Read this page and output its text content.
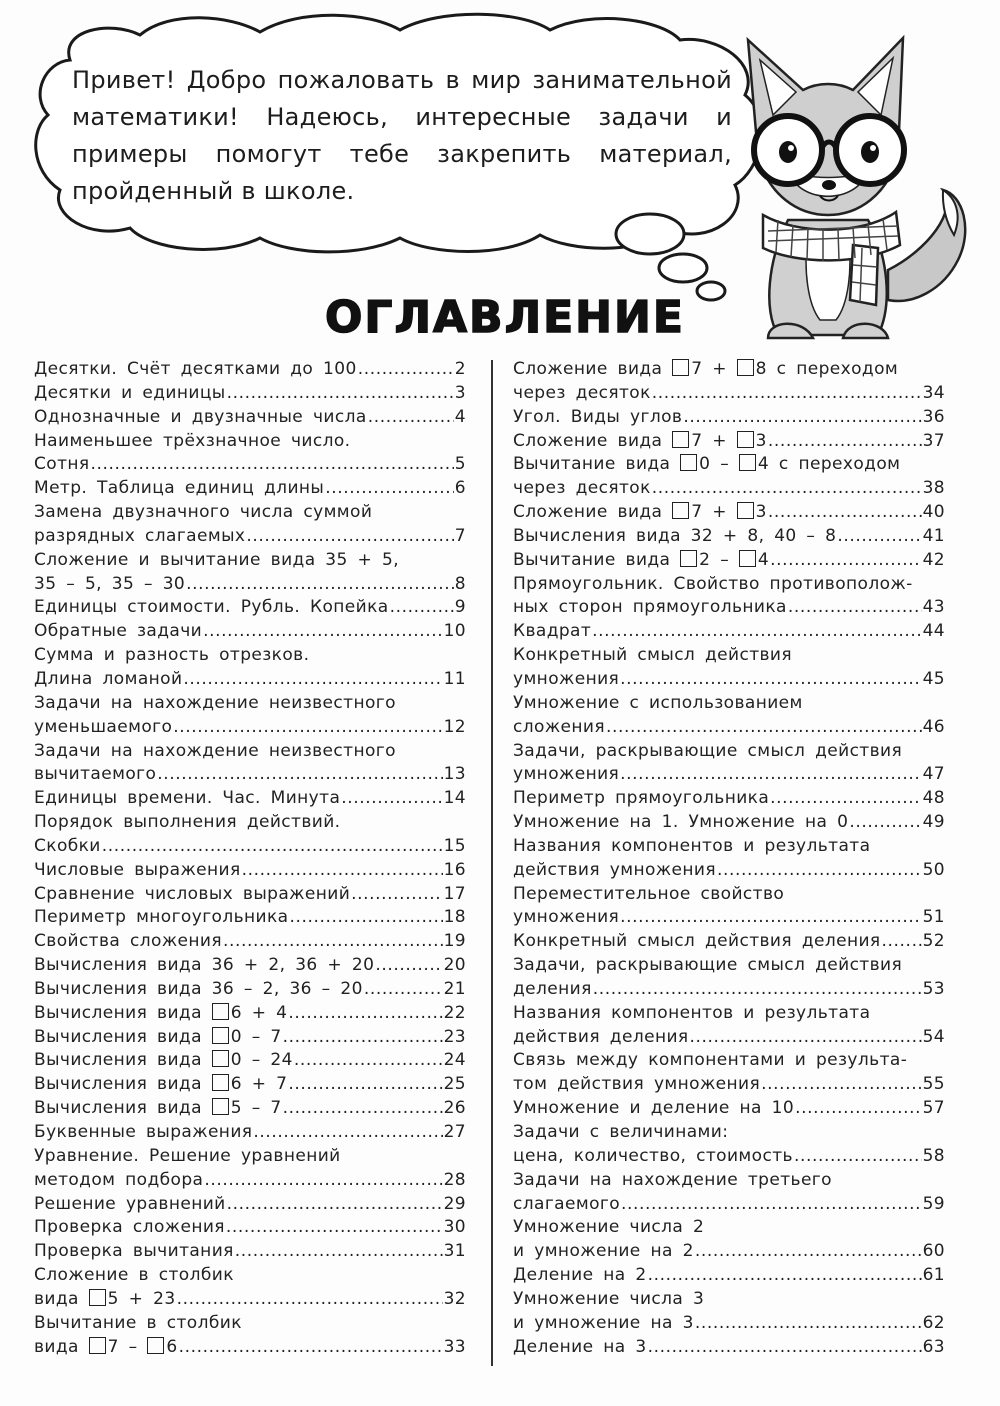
Привет! Добро пожаловать в мир занимательной математики! Надеюсь, интересные задачи и примеры помогут тебе закрепить материал, пройденный в школе.
ОГЛАВЛЕНИЕ
Десятки. Счёт десятками до 100 .....	2
Десятки и единицы .....	3
Однозначные и двузначные числа .....	4
Наименьшее трёхзначное число.
Сотня .....	5
Метр. Таблица единиц длины .....	6
Замена двузначного числа суммой
разрядных слагаемых .....	7
Сложение и вычитание вида 35 + 5,
35 – 5, 35 – 30 .....	8
Единицы стоимости. Рубль. Копейка .....	9
Обратные задачи .....	10
Сумма и разность отрезков.
Длина ломаной .....	11
Задачи на нахождение неизвестного
уменьшаемого .....	12
Задачи на нахождение неизвестного
вычитаемого .....	13
Единицы времени. Час. Минута .....	14
Порядок выполнения действий.
Скобки .....	15
Числовые выражения .....	16
Сравнение числовых выражений .....	17
Периметр многоугольника .....	18
Свойства сложения .....	19
Вычисления вида 36 + 2, 36 + 20 .....	20
Вычисления вида 36 – 2, 36 – 20 .....	21
Вычисления вида 6 + 4 .....	22
Вычисления вида 0 – 7 .....	23
Вычисления вида 0 – 24 .....	24
Вычисления вида 6 + 7 .....	25
Вычисления вида 5 – 7 .....	26
Буквенные выражения .....	27
Уравнение. Решение уравнений
методом подбора .....	28
Решение уравнений .....	29
Проверка сложения .....	30
Проверка вычитания .....	31
Сложение в столбик
вида 5 + 23 .....	32
Вычитание в столбик
вида 7 – 6 .....	33
Сложение вида 7 + 8 с переходом
через десяток .....	34
Угол. Виды углов .....	36
Сложение вида 7 + 3 .....	37
Вычитание вида 0 – 4 с переходом
через десяток .....	38
Сложение вида 7 + 3 .....	40
Вычисления вида 32 + 8, 40 – 8 .....	41
Вычитание вида 2 – 4 .....	42
Прямоугольник. Свойство противополож-
ных сторон прямоугольника .....	43
Квадрат .....	44
Конкретный смысл действия
умножения .....	45
Умножение с использованием
сложения .....	46
Задачи, раскрывающие смысл действия
умножения .....	47
Периметр прямоугольника .....	48
Умножение на 1. Умножение на 0 .....	49
Названия компонентов и результата
действия умножения .....	50
Переместительное свойство
умножения .....	51
Конкретный смысл действия деления ..... 52
Задачи, раскрывающие смысл действия
деления .....	53
Названия компонентов и результата
действия деления .....	54
Связь между компонентами и результа-
том действия умножения .....	55
Умножение и деление на 10 .....	57
Задачи с величинами:
цена, количество, стоимость .....	58
Задачи на нахождение третьего
слагаемого .....	59
Умножение числа 2
и умножение на 2 .....	60
Деление на 2 .....	61
Умножение числа 3
и умножение на 3 .....	62
Деление на 3 .....	63
